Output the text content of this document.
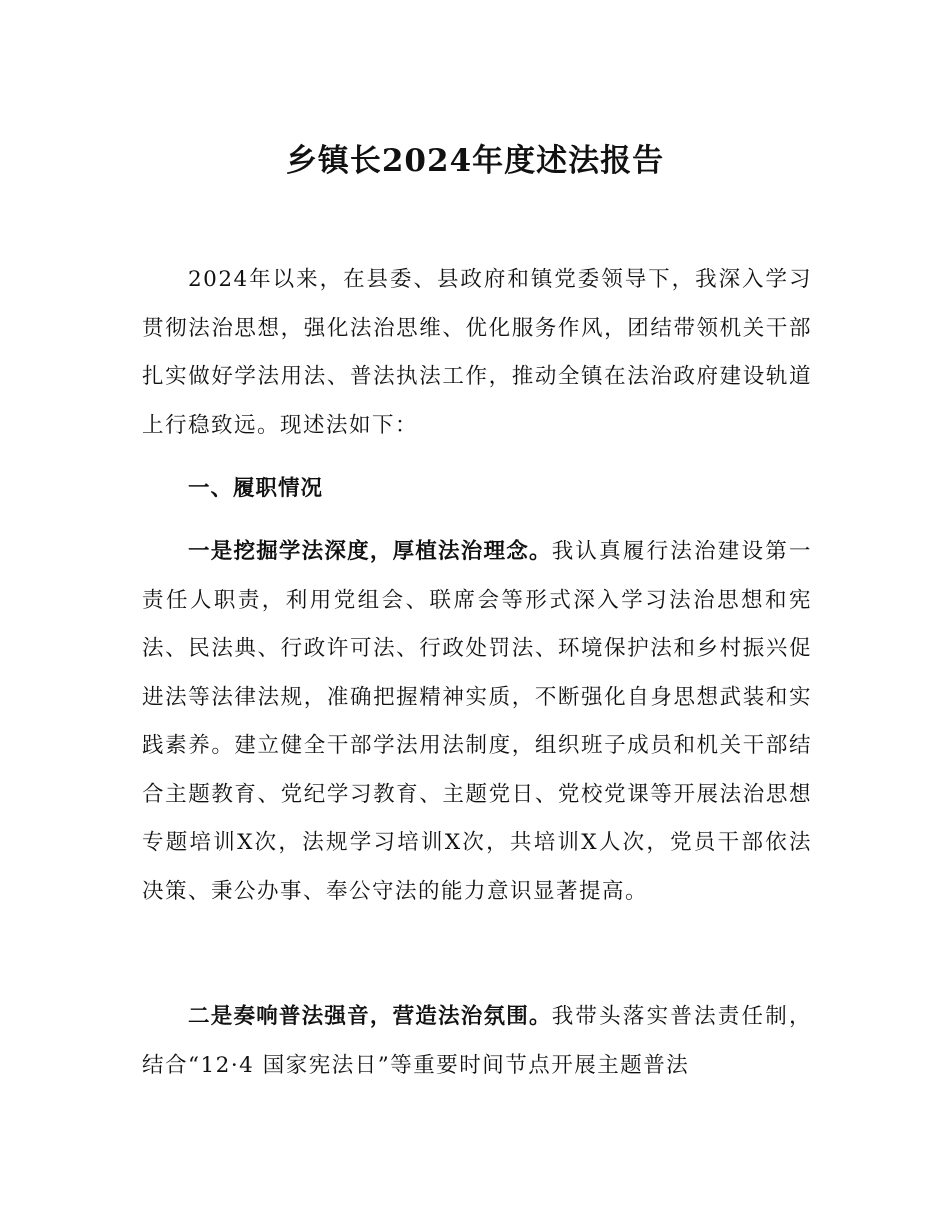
乡镇长2024年度述法报告

2024年以来，在县委、县政府和镇党委领导下，我深入学习贯彻法治思想，强化法治思维、优化服务作风，团结带领机关干部扎实做好学法用法、普法执法工作，推动全镇在法治政府建设轨道上行稳致远。现述法如下：

一、履职情况

一是挖掘学法深度，厚植法治理念。我认真履行法治建设第一责任人职责，利用党组会、联席会等形式深入学习法治思想和宪法、民法典、行政许可法、行政处罚法、环境保护法和乡村振兴促进法等法律法规，准确把握精神实质，不断强化自身思想武装和实践素养。建立健全干部学法用法制度，组织班子成员和机关干部结合主题教育、党纪学习教育、主题党日、党校党课等开展法治思想专题培训X次，法规学习培训X次，共培训X人次，党员干部依法决策、秉公办事、奉公守法的能力意识显著提高。

二是奏响普法强音，营造法治氛围。我带头落实普法责任制，结合“12·4 国家宪法日”等重要时间节点开展主题普法
